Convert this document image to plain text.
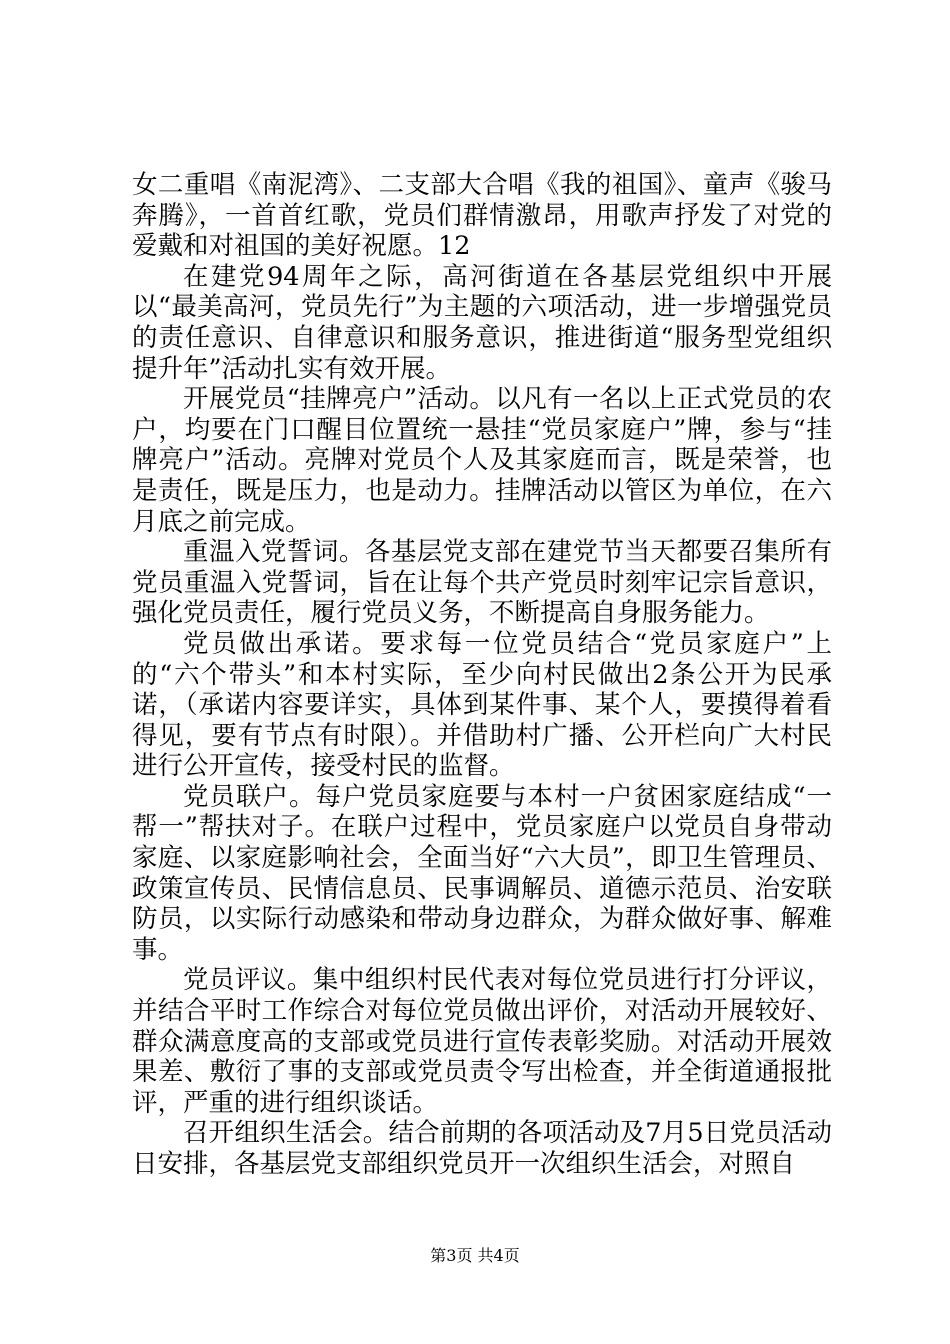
女二重唱《南泥湾》、二支部大合唱《我的祖国》、童声《骏马奔腾》，一首首红歌，党员们群情激昂，用歌声抒发了对党的爱戴和对祖国的美好祝愿。12

在建党94周年之际，高河街道在各基层党组织中开展以“最美高河，党员先行”为主题的六项活动，进一步增强党员的责任意识、自律意识和服务意识，推进街道“服务型党组织提升年”活动扎实有效开展。

开展党员“挂牌亮户”活动。以凡有一名以上正式党员的农户，均要在门口醒目位置统一悬挂“党员家庭户”牌，参与“挂牌亮户”活动。亮牌对党员个人及其家庭而言，既是荣誉，也是责任，既是压力，也是动力。挂牌活动以管区为单位，在六月底之前完成。

重温入党誓词。各基层党支部在建党节当天都要召集所有党员重温入党誓词，旨在让每个共产党员时刻牢记宗旨意识，强化党员责任，履行党员义务，不断提高自身服务能力。

党员做出承诺。要求每一位党员结合“党员家庭户”上的“六个带头”和本村实际，至少向村民做出2条公开为民承诺，（承诺内容要详实，具体到某件事、某个人，要摸得着看得见，要有节点有时限）。并借助村广播、公开栏向广大村民进行公开宣传，接受村民的监督。

党员联户。每户党员家庭要与本村一户贫困家庭结成“一帮一”帮扶对子。在联户过程中，党员家庭户以党员自身带动家庭、以家庭影响社会，全面当好“六大员”，即卫生管理员、政策宣传员、民情信息员、民事调解员、道德示范员、治安联防员，以实际行动感染和带动身边群众，为群众做好事、解难事。

党员评议。集中组织村民代表对每位党员进行打分评议，并结合平时工作综合对每位党员做出评价，对活动开展较好、群众满意度高的支部或党员进行宣传表彰奖励。对活动开展效果差、敷衍了事的支部或党员责令写出检查，并全街道通报批评，严重的进行组织谈话。

召开组织生活会。结合前期的各项活动及7月5日党员活动日安排，各基层党支部组织党员开一次组织生活会，对照自

第3页 共4页
